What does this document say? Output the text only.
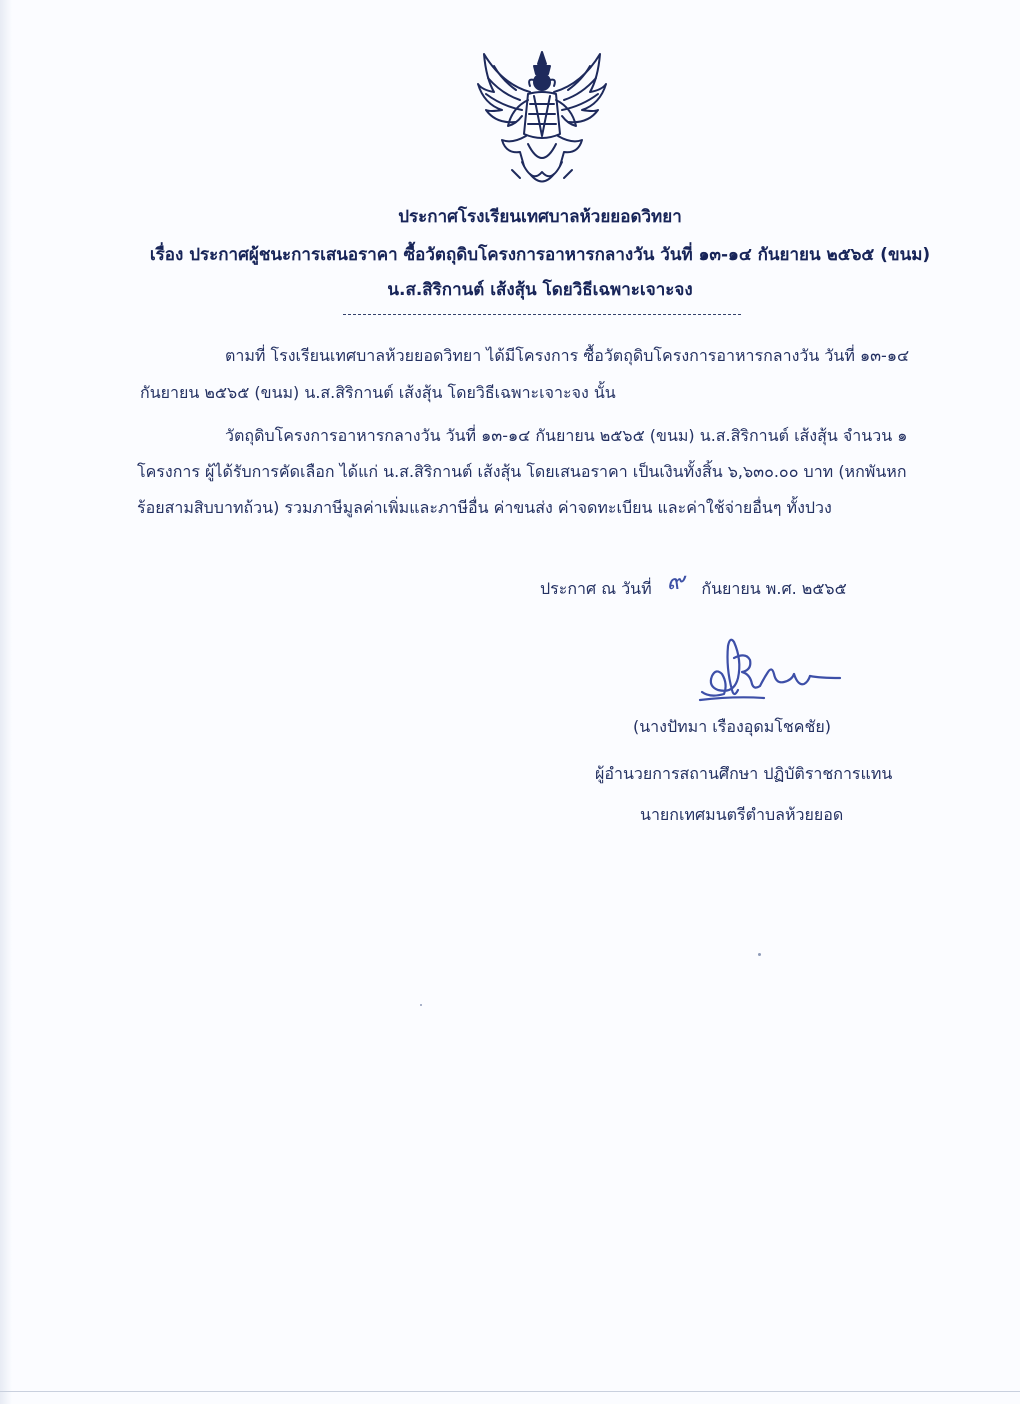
ประกาศโรงเรียนเทศบาลห้วยยอดวิทยา
เรื่อง ประกาศผู้ชนะการเสนอราคา ซื้อวัตถุดิบโครงการอาหารกลางวัน วันที่ ๑๓-๑๔ กันยายน ๒๕๖๕ (ขนม)
น.ส.สิริกานต์ เส้งสุ้น โดยวิธีเฉพาะเจาะจง
ตามที่ โรงเรียนเทศบาลห้วยยอดวิทยา ได้มีโครงการ ซื้อวัตถุดิบโครงการอาหารกลางวัน วันที่ ๑๓-๑๔
กันยายน ๒๕๖๕ (ขนม) น.ส.สิริกานต์ เส้งสุ้น โดยวิธีเฉพาะเจาะจง นั้น
วัตถุดิบโครงการอาหารกลางวัน วันที่ ๑๓-๑๔ กันยายน ๒๕๖๕ (ขนม) น.ส.สิริกานต์ เส้งสุ้น จำนวน ๑
โครงการ ผู้ได้รับการคัดเลือก ได้แก่ น.ส.สิริกานต์ เส้งสุ้น โดยเสนอราคา เป็นเงินทั้งสิ้น ๖,๖๓๐.๐๐ บาท (หกพันหก
ร้อยสามสิบบาทถ้วน) รวมภาษีมูลค่าเพิ่มและภาษีอื่น ค่าขนส่ง ค่าจดทะเบียน และค่าใช้จ่ายอื่นๆ ทั้งปวง
ประกาศ ณ วันที่ ๙ กันยายน พ.ศ. ๒๕๖๕
(นางปัทมา เรืองอุดมโชคชัย)
ผู้อำนวยการสถานศึกษา ปฏิบัติราชการแทน
นายกเทศมนตรีตำบลห้วยยอด
